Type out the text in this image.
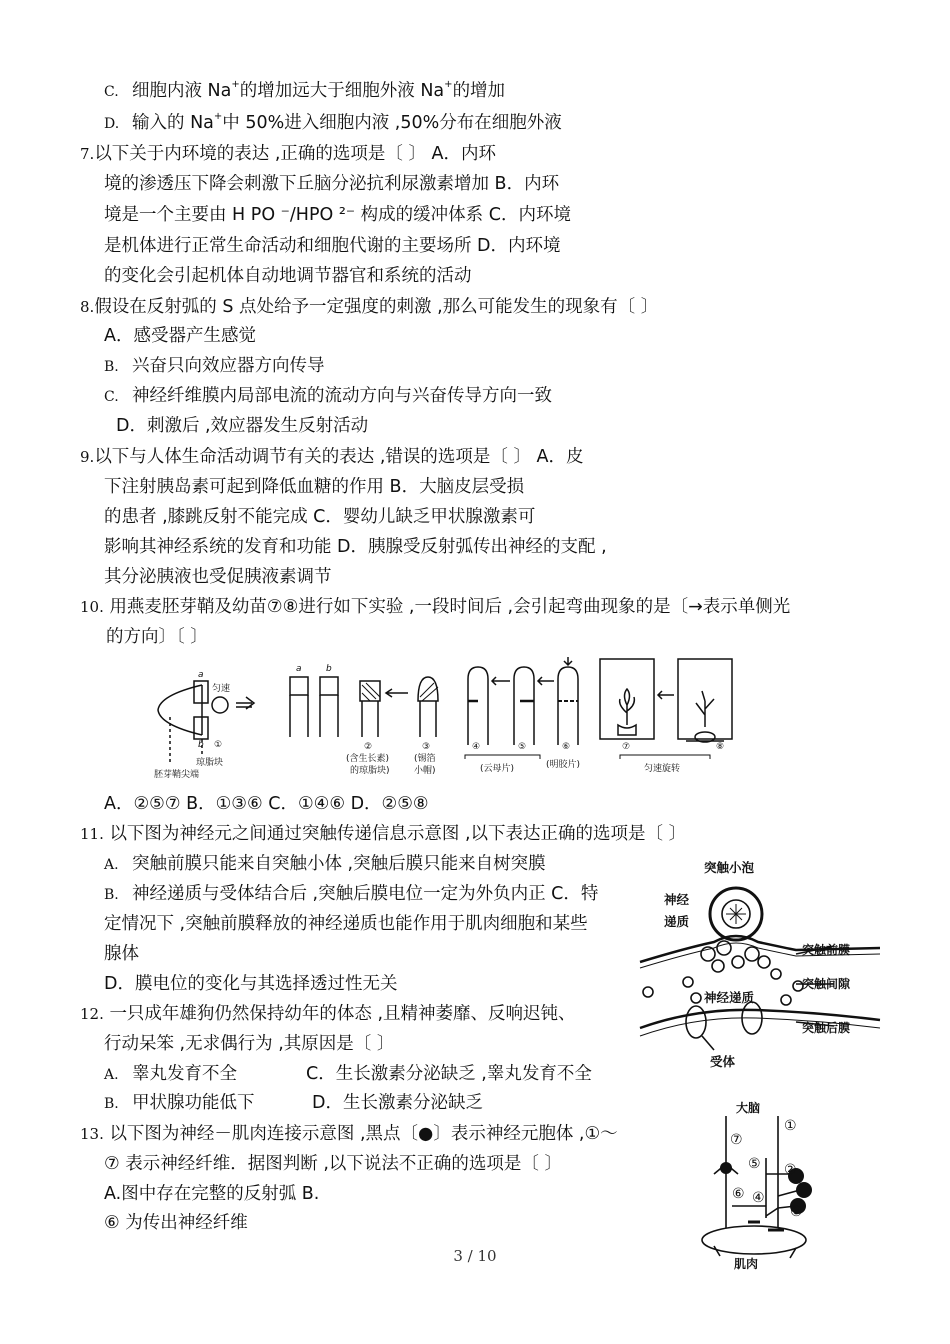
C. 细胞内液 Na+的增加远大于细胞外液 Na+的增加
D. 输入的 Na+中 50%进入细胞内液 ,50%分布在细胞外液
7.以下关于内环境的表达 ,正确的选项是〔 〕 A．内环
境的渗透压下降会刺激下丘脑分泌抗利尿激素增加 B．内环
境是一个主要由 H PO ⁻/HPO ²⁻ 构成的缓冲体系 C．内环境
是机体进行正常生命活动和细胞代谢的主要场所 D．内环境
的变化会引起机体自动地调节器官和系统的活动
8.假设在反射弧的 S 点处给予一定强度的刺激 ,那么可能发生的现象有〔 〕
A．感受器产生感觉
B. 兴奋只向效应器方向传导
C. 神经纤维膜内局部电流的流动方向与兴奋传导方向一致
D．刺激后 ,效应器发生反射活动
9.以下与人体生命活动调节有关的表达 ,错误的选项是〔 〕 A．皮
下注射胰岛素可起到降低血糖的作用 B．大脑皮层受损
的患者 ,膝跳反射不能完成 C．婴幼儿缺乏甲状腺激素可
影响其神经系统的发育和功能 D．胰腺受反射弧传出神经的支配 ,
其分泌胰液也受促胰液素调节
10. 用燕麦胚芽鞘及幼苗⑦⑧进行如下实验 ,一段时间后 ,会引起弯曲现象的是〔→表示单侧光
的方向〕〔 〕
a
b
匀速
①
琼脂块
胚芽鞘尖端
a	b
②	③
(含生长素)
的琼脂块)
(锡箔
小帽)
④	⑤	⑥
(云母片)	(明胶片)
⑦	⑧
匀速旋转
A．②⑤⑦ B．①③⑥ C．①④⑥ D．②⑤⑧
11. 以下图为神经元之间通过突触传递信息示意图 ,以下表达正确的选项是〔 〕
A. 突触前膜只能来自突触小体 ,突触后膜只能来自树突膜
B. 神经递质与受体结合后 ,突触后膜电位一定为外负内正 C．特
定情况下 ,突触前膜释放的神经递质也能作用于肌肉细胞和某些
腺体
D．膜电位的变化与其选择透过性无关
突触小泡
神经
递质
突触前膜
突触间隙
神经递质
突触后膜
受体
12. 一只成年雄狗仍然保持幼年的体态 ,且精神萎靡、反响迟钝、
行动呆笨 ,无求偶行为 ,其原因是〔 〕
A. 睾丸发育不全	C．生长激素分泌缺乏 ,睾丸发育不全
B. 甲状腺功能低下	D．生长激素分泌缺乏
13. 以下图为神经－肌肉连接示意图 ,黑点〔●〕表示神经元胞体 ,①～
⑦ 表示神经纤维．据图判断 ,以下说法不正确的选项是〔 〕
A.图中存在完整的反射弧 B.
⑥ 为传出神经纤维
大脑
①
⑦
⑤ ②
⑥ ④
③
肌肉
3 / 10
